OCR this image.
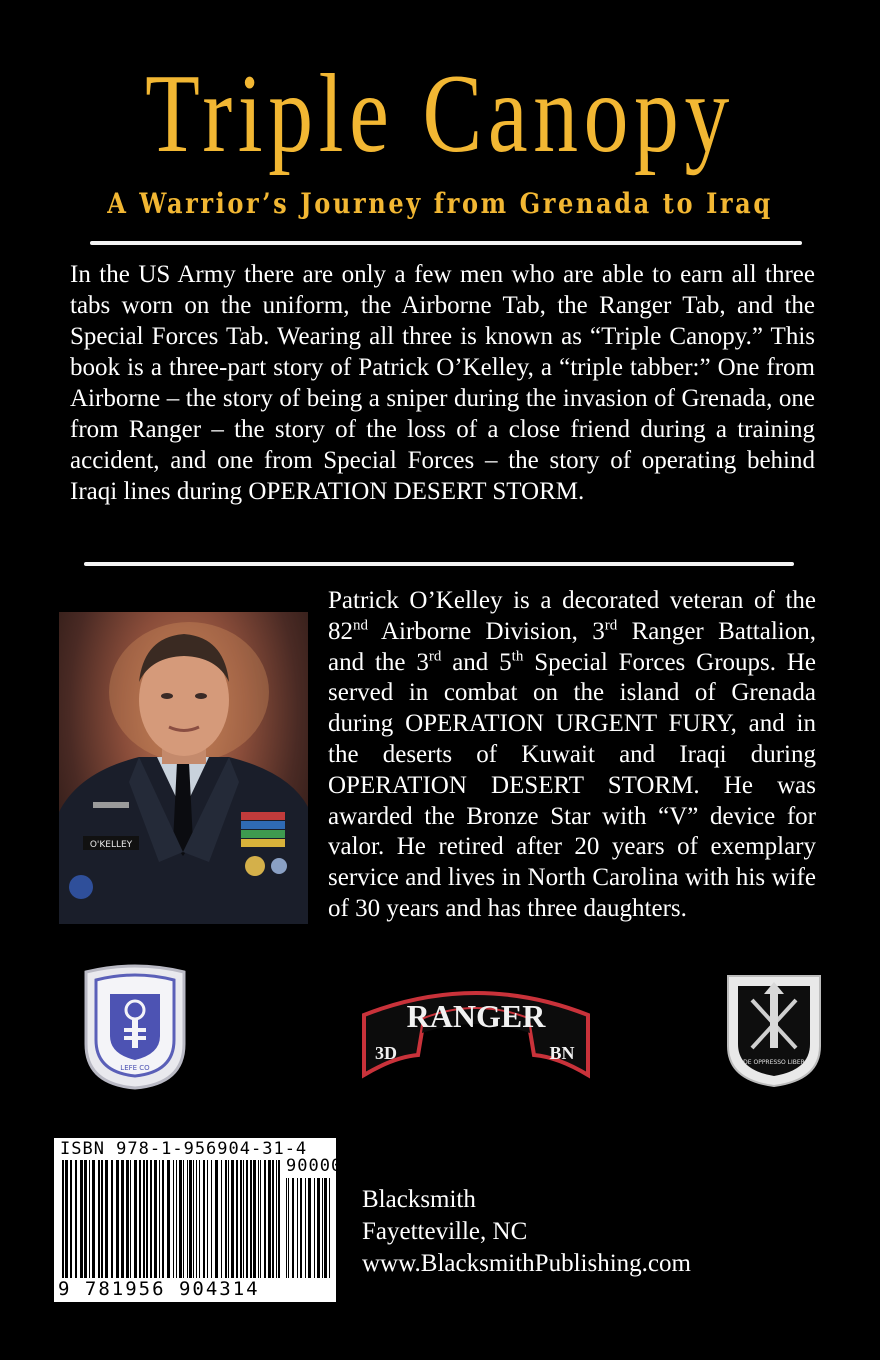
Triple Canopy
A Warrior’s Journey from Grenada to Iraq

In the US Army there are only a few men who are able to earn all three tabs worn on the uniform, the Airborne Tab, the Ranger Tab, and the Special Forces Tab. Wearing all three is known as “Triple Canopy.” This book is a three-part story of Patrick O’Kelley, a “triple tabber:” One from Airborne – the story of being a sniper during the invasion of Grenada, one from Ranger – the story of the loss of a close friend during a training accident, and one from Special Forces – the story of operating behind Iraqi lines during OPERATION DESERT STORM.

O'KELLEY

Patrick O’Kelley is a decorated veteran of the 82nd Airborne Division, 3rd Ranger Battalion, and the 3rd and 5th Special Forces Groups. He served in combat on the island of Grenada during OPERATION URGENT FURY, and in the deserts of Kuwait and Iraqi during OPERATION DESERT STORM. He was awarded the Bronze Star with “V” device for valor. He retired after 20 years of exemplary service and lives in North Carolina with his wife of 30 years and has three daughters.

LEFE CO
RANGER
3D	BN	DE OPPRESSO LIBER
ISBN 978-1-956904-31-4
90000
9 781956 904314
Blacksmith
Fayetteville, NC
www.BlacksmithPublishing.com
